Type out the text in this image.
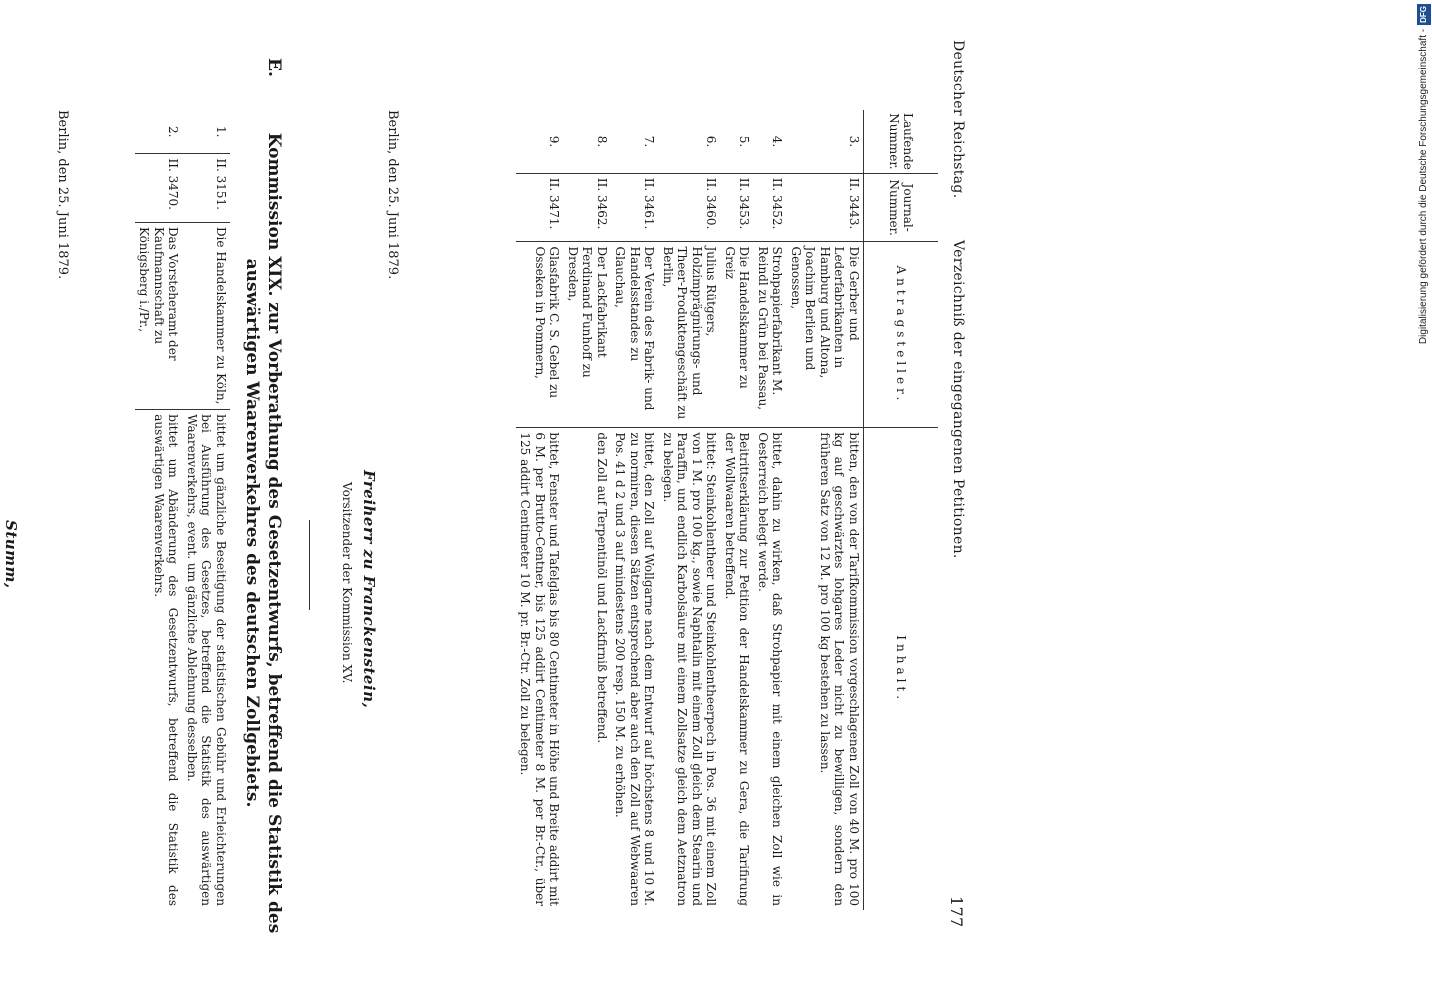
Deutscher Reichstag.
Verzeichniß der eingegangenen Petitionen.
177
Laufende Nummer.	Journal-Nummer.	Antragsteller.	Inhalt.
3.	II. 3443.	Die Gerber und Lederfabrikanten in Hamburg und Altona, Joachim Berlien und Genossen,	bitten, den von der Tarifkommission vorgeschlagenen Zoll von 40 M. pro 100 kg auf geschwärztes lohgares Leder nicht zu bewilligen, sondern den früheren Satz von 12 M. pro 100 kg bestehen zu lassen.
4.	II. 3452.	Strohpapierfabrikant M. Reindl zu Grün bei Passau,	bittet, dahin zu wirken, daß Strohpapier mit einem gleichen Zoll wie in Oesterreich belegt werde.
5.	II. 3453.	Die Handelskammer zu Greiz	Beitrittserklärung zur Petition der Handelskammer zu Gera, die Tarifirung der Wollwaaren betreffend.
6.	II. 3460.	Julius Rütgers, Holzimprägnirungs- und Theer-Produktengeschäft zu Berlin,	bittet: Steinkohlentheer und Steinkohlentheerpech in Pos. 36 mit einem Zoll von 1 M. pro 100 kg., sowie Naphtalin mit einem Zoll gleich dem Stearin und Paraffin, und endlich Karbolsäure mit einem Zollsatze gleich dem Aetznatron zu belegen.
7.	II. 3461.	Der Verein des Fabrik- und Handelsstandes zu Glauchau,	bittet, den Zoll auf Wollgarne nach dem Entwurf auf höchstens 8 und 10 M. zu normiren, diesen Sätzen entsprechend aber auch den Zoll auf Webwaaren Pos. 41 d 2 und 3 auf mindestens 200 resp. 150 M. zu erhöhen.
8.	II. 3462.	Der Lackfabrikant Ferdinand Funhoff zu Dresden,	den Zoll auf Terpentinöl und Lackfirniß betreffend.
9.	II. 3471.	Glasfabrik C. S. Gebel zu Osseken in Pommern,	bittet, Fenster und Tafelglas bis 80 Centimeter in Höhe und Breite addirt mit 6 M. per Brutto-Centner, bis 125 addirt Centimeter 8 M. per Br.-Ctr., über 125 addirt Centimeter 10 M. pr. Br.-Ctr. Zoll zu belegen.
Berlin, den 25. Juni 1879.
Freiherr zu Franckenstein,
Vorsitzender der Kommission XV.
E.
Kommission XIX. zur Vorberathung des Gesetzentwurfs, betreffend die Statistik des auswärtigen Waarenverkehres des deutschen Zollgebiets.
1.	II. 3151.	Die Handelskammer zu Köln,	bittet um gänzliche Beseitigung der statistischen Gebühr und Erleichterungen bei Ausführung des Gesetzes, betreffend die Statistik des auswärtigen Waarenverkehrs, event. um gänzliche Ablehnung desselben.
2.	II. 3470.	Das Vorsteheramt der Kaufmannschaft zu Königsberg i./Pr.,	bittet um Abänderung des Gesetzentwurfs, betreffend die Statistik des auswärtigen Waarenverkehrs.
Berlin, den 25. Juni 1879.
Stumm,
Digitalisierung gefördert durch die Deutsche Forschungsgemeinschaft -DFG
